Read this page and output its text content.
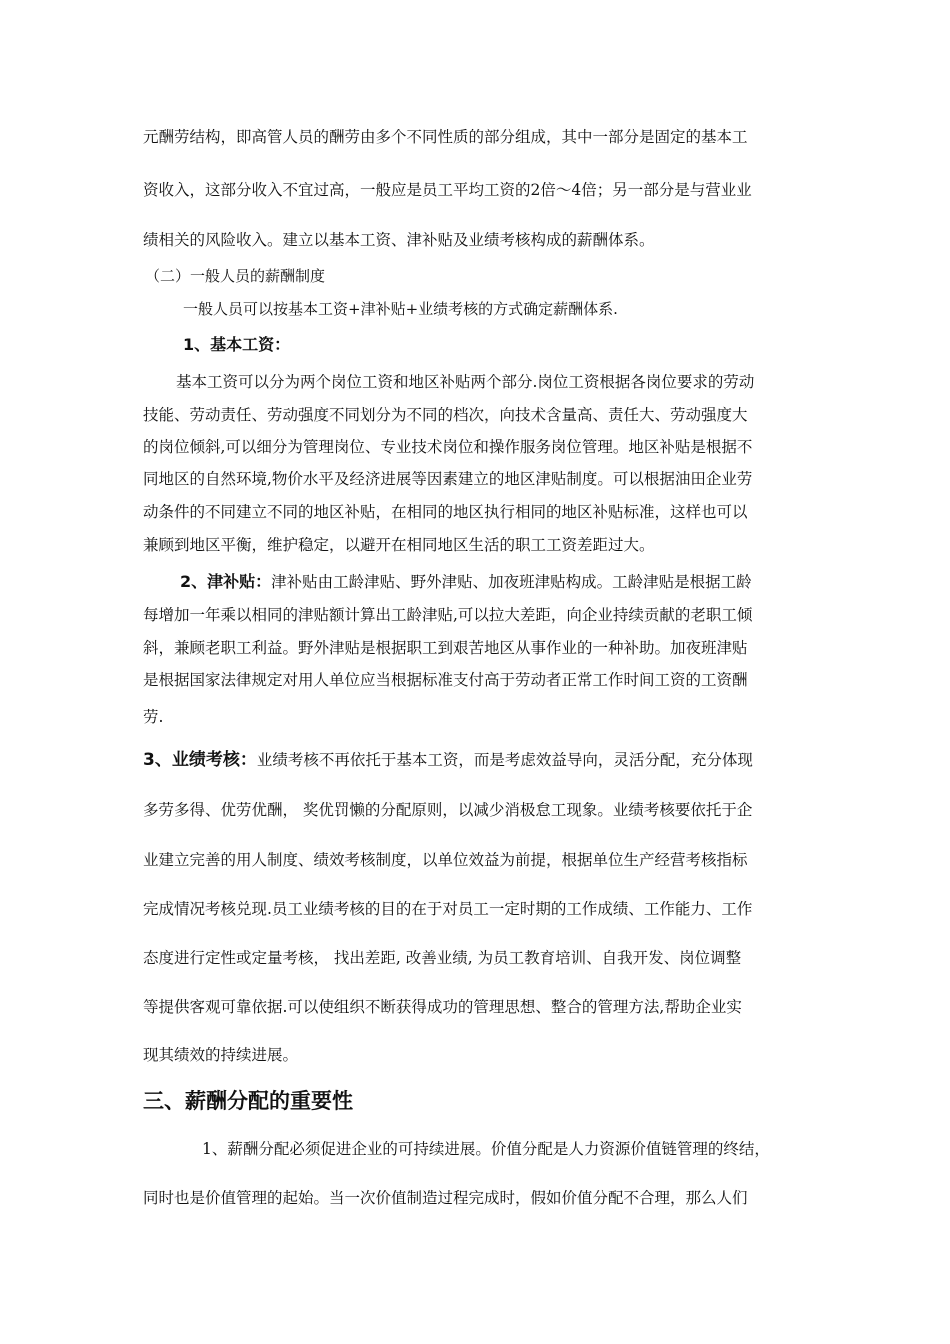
元酬劳结构，即高管人员的酬劳由多个不同性质的部分组成，其中一部分是固定的基本工
资收入，这部分收入不宜过高，一般应是员工平均工资的2倍～4倍；另一部分是与营业业
绩相关的风险收入。建立以基本工资、津补贴及业绩考核构成的薪酬体系。
（二）一般人员的薪酬制度
一般人员可以按基本工资+津补贴+业绩考核的方式确定薪酬体系.
1、基本工资：
基本工资可以分为两个岗位工资和地区补贴两个部分.岗位工资根据各岗位要求的劳动
技能、劳动责任、劳动强度不同划分为不同的档次，向技术含量高、责任大、劳动强度大
的岗位倾斜,可以细分为管理岗位、专业技术岗位和操作服务岗位管理。地区补贴是根据不
同地区的自然环境,物价水平及经济进展等因素建立的地区津贴制度。可以根据油田企业劳
动条件的不同建立不同的地区补贴，在相同的地区执行相同的地区补贴标准，这样也可以
兼顾到地区平衡，维护稳定，以避开在相同地区生活的职工工资差距过大。
2、津补贴：津补贴由工龄津贴、野外津贴、加夜班津贴构成。工龄津贴是根据工龄
每增加一年乘以相同的津贴额计算出工龄津贴,可以拉大差距，向企业持续贡献的老职工倾
斜，兼顾老职工利益。野外津贴是根据职工到艰苦地区从事作业的一种补助。加夜班津贴
是根据国家法律规定对用人单位应当根据标准支付高于劳动者正常工作时间工资的工资酬
劳.
3、业绩考核：业绩考核不再依托于基本工资，而是考虑效益导向，灵活分配，充分体现
多劳多得、优劳优酬， 奖优罚懒的分配原则，以减少消极怠工现象。业绩考核要依托于企
业建立完善的用人制度、绩效考核制度，以单位效益为前提，根据单位生产经营考核指标
完成情况考核兑现.员工业绩考核的目的在于对员工一定时期的工作成绩、工作能力、工作
态度进行定性或定量考核， 找出差距, 改善业绩, 为员工教育培训、自我开发、岗位调整
等提供客观可靠依据.可以使组织不断获得成功的管理思想、整合的管理方法,帮助企业实
现其绩效的持续进展。
三、薪酬分配的重要性
1、薪酬分配必须促进企业的可持续进展。价值分配是人力资源价值链管理的终结，
同时也是价值管理的起始。当一次价值制造过程完成时，假如价值分配不合理，那么人们
